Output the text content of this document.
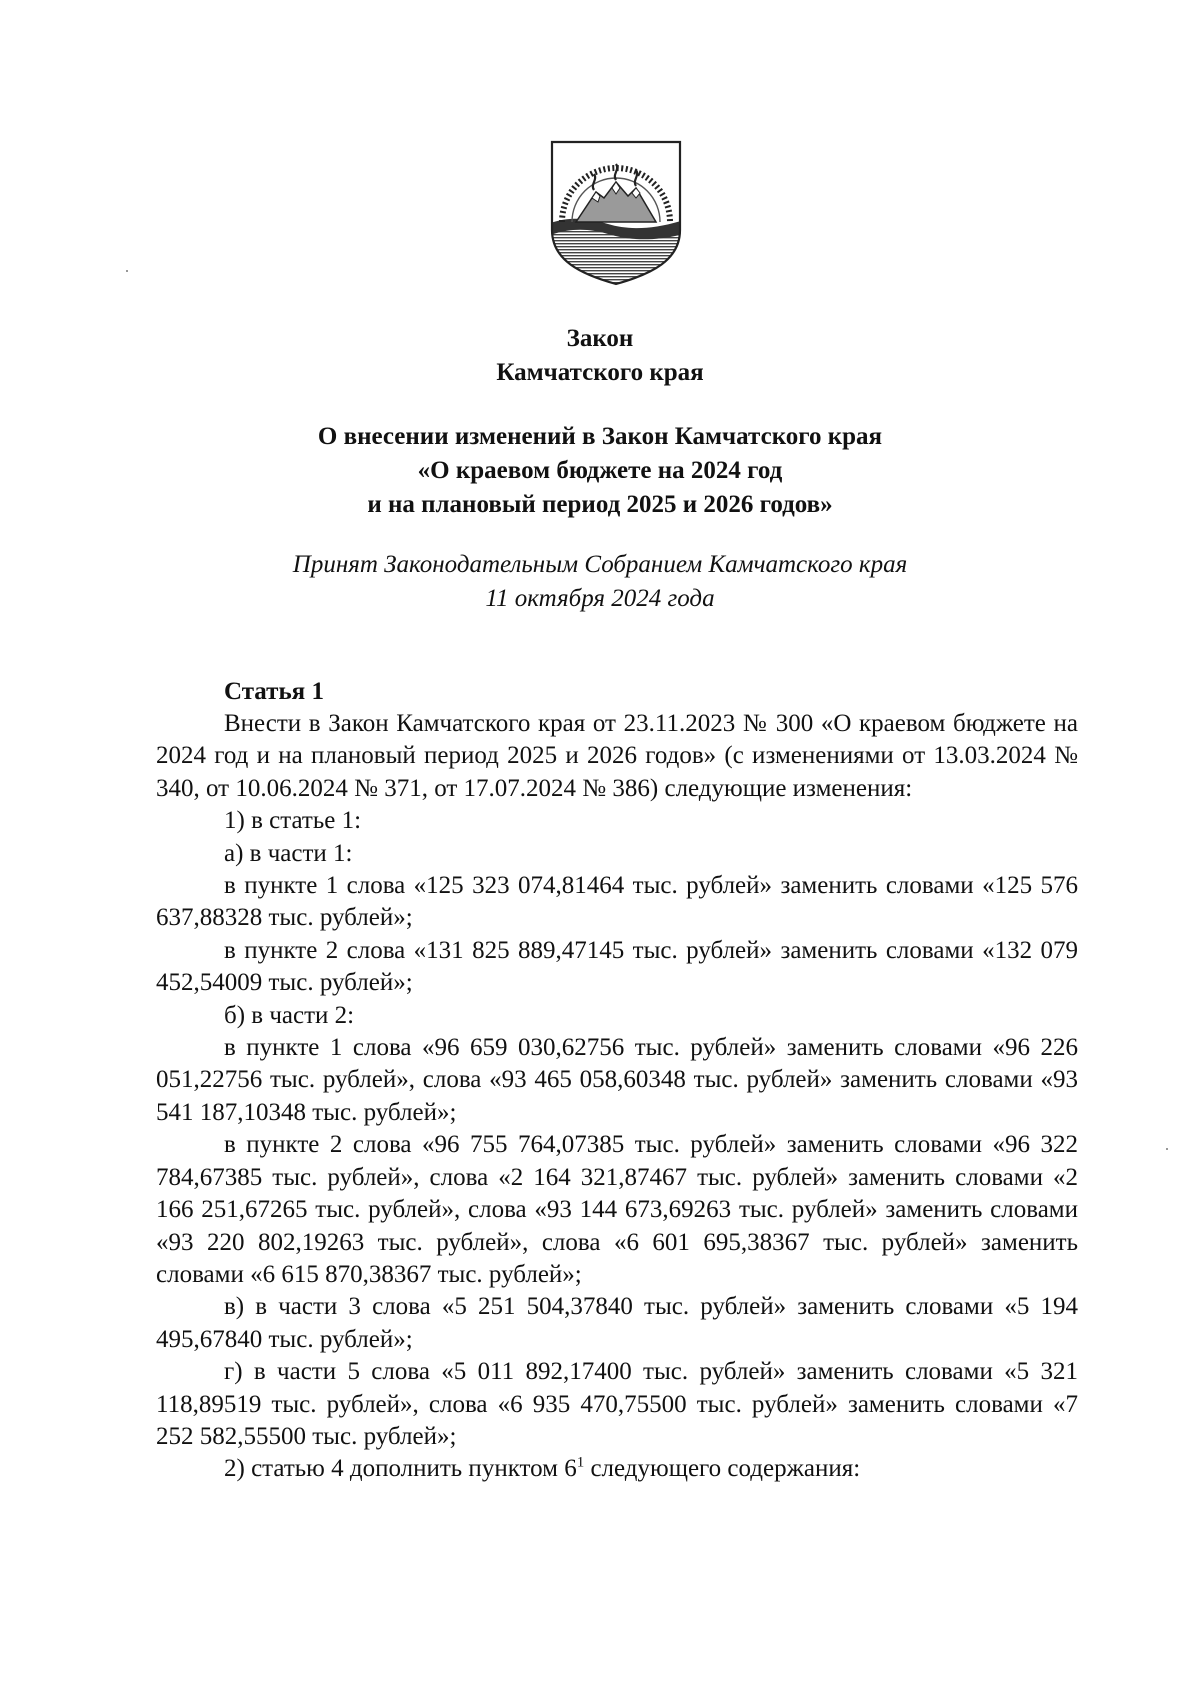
Закон
Камчатского края
О внесении изменений в Закон Камчатского края
«О краевом бюджете на 2024 год
и на плановый период 2025 и 2026 годов»
Принят Законодательным Собранием Камчатского края
11 октября 2024 года
Статья 1

Внести в Закон Камчатского края от 23.11.2023 № 300 «О краевом бюджете на 2024 год и на плановый период 2025 и 2026 годов» (с изменениями от 13.03.2024 № 340, от 10.06.2024 № 371, от 17.07.2024 № 386) следующие изменения:

1) в статье 1:

а) в части 1:

в пункте 1 слова «125 323 074,81464 тыс. рублей» заменить словами «125 576 637,88328 тыс. рублей»;

в пункте 2 слова «131 825 889,47145 тыс. рублей» заменить словами «132 079 452,54009 тыс. рублей»;

б) в части 2:

в пункте 1 слова «96 659 030,62756 тыс. рублей» заменить словами «96 226 051,22756 тыс. рублей», слова «93 465 058,60348 тыс. рублей» заменить словами «93 541 187,10348 тыс. рублей»;

в пункте 2 слова «96 755 764,07385 тыс. рублей» заменить словами «96 322 784,67385 тыс. рублей», слова «2 164 321,87467 тыс. рублей» заменить словами «2 166 251,67265 тыс. рублей», слова «93 144 673,69263 тыс. рублей» заменить словами «93 220 802,19263 тыс. рублей», слова «6 601 695,38367 тыс. рублей» заменить словами «6 615 870,38367 тыс. рублей»;

в) в части 3 слова «5 251 504,37840 тыс. рублей» заменить словами «5 194 495,67840 тыс. рублей»;

г) в части 5 слова «5 011 892,17400 тыс. рублей» заменить словами «5 321 118,89519 тыс. рублей», слова «6 935 470,75500 тыс. рублей» заменить словами «7 252 582,55500 тыс. рублей»;

2) статью 4 дополнить пунктом $6^1$ следующего содержания:
